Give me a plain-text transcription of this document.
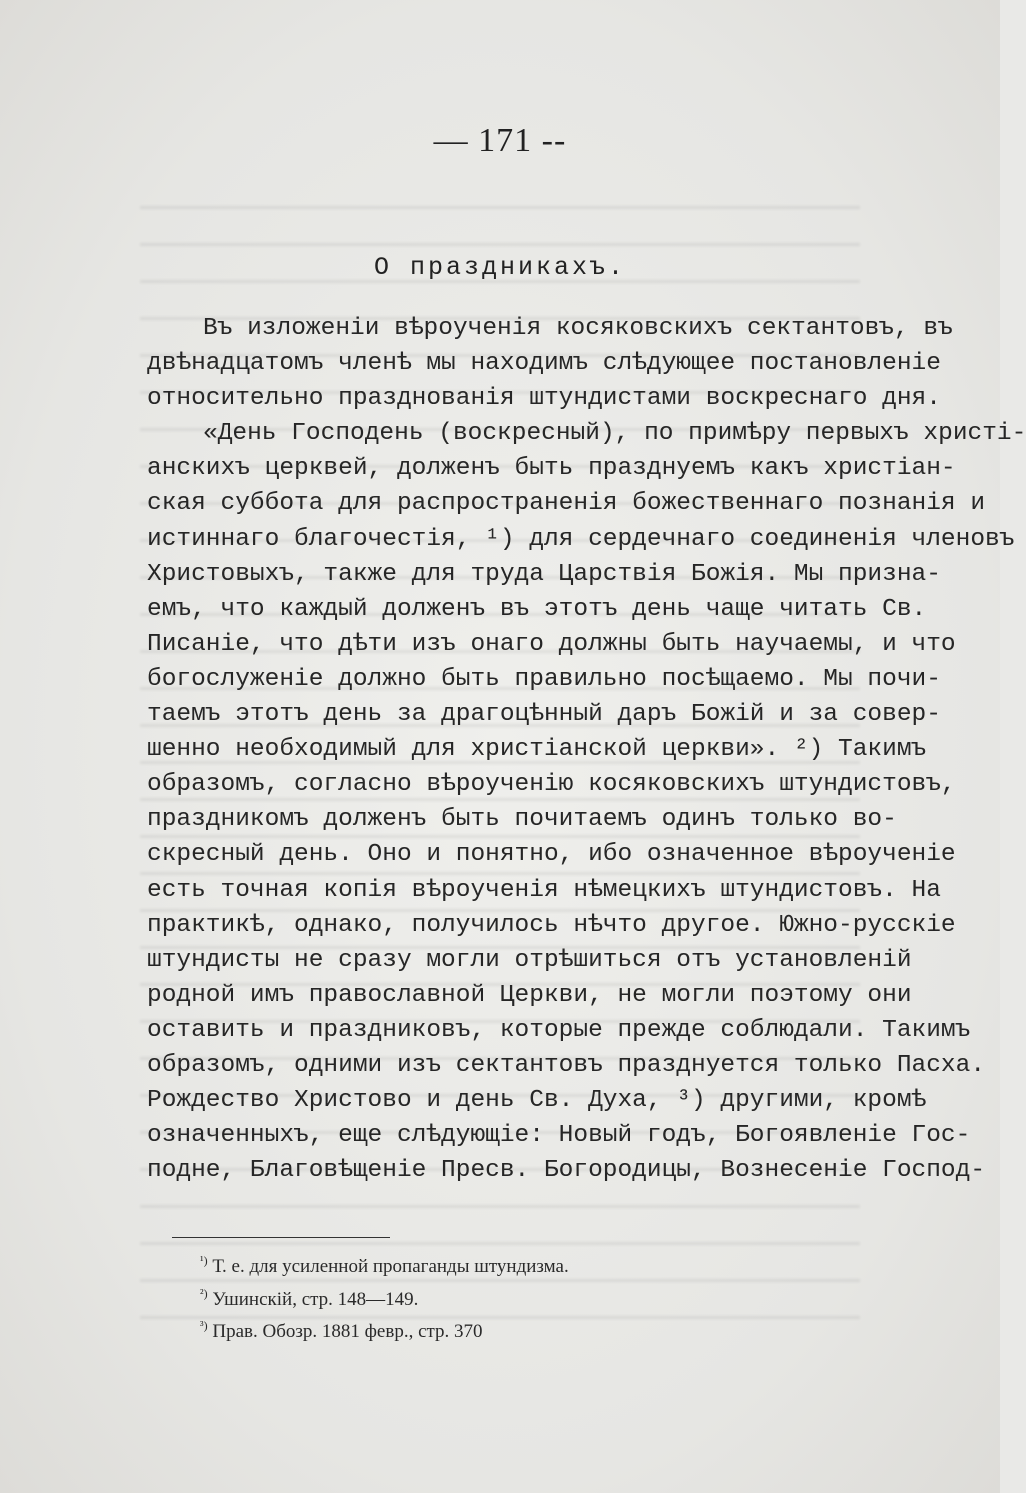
— 171 --
О праздникахъ.
Въ изложеніи вѣроученія косяковскихъ сектантовъ, въ
двѣнадцатомъ членѣ мы находимъ слѣдующее постановленіе
относительно празднованія штундистами воскреснаго дня.
«День Господень (воскресный), по примѣру первыхъ христі-
анскихъ церквей, долженъ быть празднуемъ какъ христіан-
ская суббота для распространенія божественнаго познанія и
истиннаго благочестія, ¹) для сердечнаго соединенія членовъ
Христовыхъ, также для труда Царствія Божія. Мы призна-
емъ, что каждый долженъ въ этотъ день чаще читать Св.
Писаніе, что дѣти изъ онаго должны быть научаемы, и что
богослуженіе должно быть правильно посѣщаемо. Мы почи-
таемъ этотъ день за драгоцѣнный даръ Божій и за совер-
шенно необходимый для христіанской церкви». ²) Такимъ
образомъ, согласно вѣроученію косяковскихъ штундистовъ,
праздникомъ долженъ быть почитаемъ одинъ только во-
скресный день. Оно и понятно, ибо означенное вѣроученіе
есть точная копія вѣроученія нѣмецкихъ штундистовъ. На
практикѣ, однако, получилось нѣчто другое. Южно-русскіе
штундисты не сразу могли отрѣшиться отъ установленій
родной имъ православной Церкви, не могли поэтому они
оставить и праздниковъ, которые прежде соблюдали. Такимъ
образомъ, одними изъ сектантовъ празднуется только Пасха.
Рождество Христово и день Св. Духа, ³) другими, кромѣ
означенныхъ, еще слѣдующіе: Новый годъ, Богоявленіе Гос-
подне, Благовѣщеніе Пресв. Богородицы, Вознесеніе Господ-
$^{^1)}$ Т. е. для усиленной пропаганды штундизма.
$^{^2)}$ Ушинскій, стр. 148—149.
$^{^3)}$ Прав. Обозр. 1881 февр., стр. 370
